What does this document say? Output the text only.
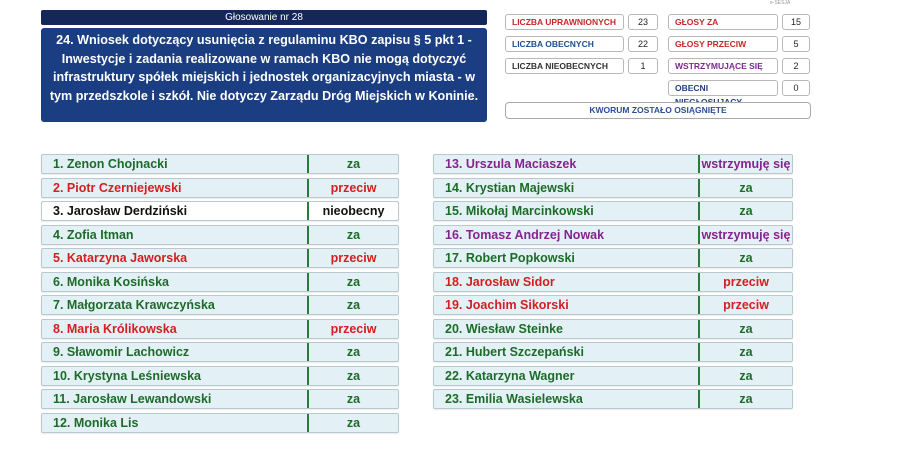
e-SESJA
Głosowanie nr 28
24. Wniosek dotyczący usunięcia z regulaminu KBO zapisu § 5 pkt 1 - Inwestycje i zadania realizowane w ramach KBO nie mogą dotyczyć infrastruktury spółek miejskich i jednostek organizacyjnych miasta - w tym przedszkole i szkół. Nie dotyczy Zarządu Dróg Miejskich w Koninie.
LICZBA UPRAWNIONYCH	23
LICZBA OBECNYCH	22
LICZBA NIEOBECNYCH	1
GŁOSY ZA	15
GŁOSY PRZECIW	5
WSTRZYMUJĄCE SIĘ	2
OBECNI	0
KWORUM ZOSTAŁO OSIĄGNIĘTE
1. Zenon Chojnacki	za
2. Piotr Czerniejewski	przeciw
3. Jarosław Derdziński	nieobecny
4. Zofia Itman	za
5. Katarzyna Jaworska	przeciw
6. Monika Kosińska	za
7. Małgorzata Krawczyńska	za
8. Maria Królikowska	przeciw
9. Sławomir Lachowicz	za
10. Krystyna Leśniewska	za
11. Jarosław Lewandowski	za
12. Monika Lis	za
13. Urszula Maciaszek	wstrzymuję się
14. Krystian Majewski	za
15. Mikołaj Marcinkowski	za
16. Tomasz Andrzej Nowak	wstrzymuję się
17. Robert Popkowski	za
18. Jarosław Sidor	przeciw
19. Joachim Sikorski	przeciw
20. Wiesław Steinke	za
21. Hubert Szczepański	za
22. Katarzyna Wagner	za
23. Emilia Wasielewska	za
